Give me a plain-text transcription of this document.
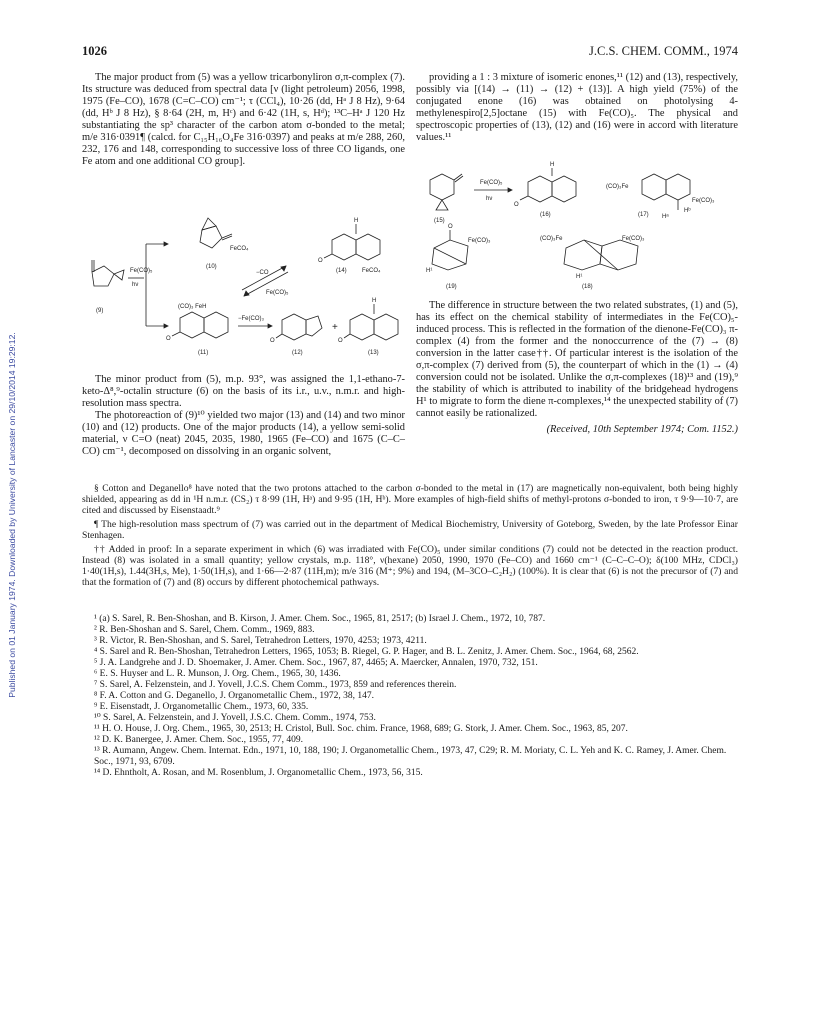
Published on 01 January 1974. Downloaded by University of Lancaster on 29/10/2014 19:29:12.
1026	J.C.S. CHEM. COMM., 1974

The major product from (5) was a yellow tricarbonyliron σ,π-complex (7). Its structure was deduced from spectral data [ν (light petroleum) 2056, 1998, 1975 (Fe–CO), 1678 (C=C–CO) cm⁻¹; τ (CCl₄), 10·26 (dd, Hᵃ J 8 Hz), 9·64 (dd, Hᵇ J 8 Hz), § 8·64 (2H, m, Hᶜ) and 6·42 (1H, s, Hᵈ); ¹³C–Hᵃ J 120 Hz substantiating the sp³ character of the carbon atom σ-bonded to the metal; m/e 316·0391¶ (calcd. for C₁₅H₁₆O₄Fe 316·0397) and peaks at m/e 288, 260, 232, 176 and 148, corresponding to successive loss of three CO ligands, one Fe atom and one additional CO group].

The minor product from (5), m.p. 93°, was assigned the 1,1-ethano-7-keto-Δ⁸,⁹-octalin structure (6) on the basis of its i.r., u.v., n.m.r. and high-resolution mass spectra.

The photoreaction of (9)¹⁰ yielded two major (13) and (14) and two minor (10) and (12) products. One of the major products (14), a yellow semi-solid material, ν C=O (neat) 2045, 2035, 1980, 1965 (Fe–CO) and 1675 (C–C–CO) cm⁻¹, decomposed on dissolving in an organic solvent,

providing a 1 : 3 mixture of isomeric enones,¹¹ (12) and (13), respectively, possibly via [(14) → (11) → (12) + (13)]. A high yield (75%) of the conjugated enone (16) was obtained on photolysing 4-methylenespiro[2,5]octane (15) with Fe(CO)₅. The physical and spectroscopic properties of (13), (12) and (16) were in accord with literature values.¹¹

The difference in structure between the two related substrates, (1) and (5), has its effect on the chemical stability of intermediates in the Fe(CO)₅-induced process. This is reflected in the formation of the dienone-Fe(CO)₃ π-complex (4) from the former and the nonoccurrence of the (7) → (8) conversion in the latter case††. Of particular interest is the isolation of the σ,π-complex (7) derived from (5), the counterpart of which in the (1) → (4) conversion could not be isolated. Unlike the σ,π-complexes (18)¹³ and (19),⁹ the stability of which is attributed to inability of the bridgehead hydrogens H¹ to migrate to form the diene π-complexes,¹⁴ the unexpected stability of (7) cannot easily be rationalized.

(Received, 10th September 1974; Com. 1152.)

(9)
Fe(CO)₅
hν
FeCO₄
(10)
−CO
Fe(CO)₅
H
O
(14)	FeCO₄
(CO)₃ FeH
O
(11)
−Fe(CO)₃
O
(12)
+
H
O
(13)
(15)
Fe(CO)₅
hν
H
O
(16)
(CO)₃Fe
Fe(CO)₃
Hᵃ
Hᵇ
(17)
O
Fe(CO)₃
H¹
(19)
(CO)₃Fe	Fe(CO)₃
H¹
(18)

§ Cotton and Deganello⁸ have noted that the two protons attached to the carbon σ-bonded to the metal in (17) are magnetically non-equivalent, both being highly shielded, appearing as dd in ¹H n.m.r. (CS₂) τ 8·99 (1H, Hᵃ) and 9·95 (1H, Hᵇ). More examples of high-field shifts of methyl-protons σ-bonded to iron, τ 9·9—10·7, are cited and discussed by Eisenstaadt.⁹

¶ The high-resolution mass spectrum of (7) was carried out in the department of Medical Biochemistry, University of Goteborg, Sweden, by the late Professor Einar Stenhagen.

†† Added in proof: In a separate experiment in which (6) was irradiated with Fe(CO)₅ under similar conditions (7) could not be detected in the reaction product. Instead (8) was isolated in a small quantity; yellow crystals, m.p. 118°, ν(hexane) 2050, 1990, 1970 (Fe–CO) and 1660 cm⁻¹ (C–C–C–O); δ(100 MHz, CDCl₃) 1·40(1H,s), 1.44(3H,s, Me), 1·50(1H,s), and 1·66—2·87 (11H,m); m/e 316 (M⁺; 9%) and 194, (M–3CO–C₂H₂) (100%). It is clear that (6) is not the precursor of (7) and that the formation of (7) and (8) occurs by different photochemical pathways.

¹ (a) S. Sarel, R. Ben-Shoshan, and B. Kirson, J. Amer. Chem. Soc., 1965, 81, 2517; (b) Israel J. Chem., 1972, 10, 787.

² R. Ben-Shoshan and S. Sarel, Chem. Comm., 1969, 883.

³ R. Victor, R. Ben-Shoshan, and S. Sarel, Tetrahedron Letters, 1970, 4253; 1973, 4211.

⁴ S. Sarel and R. Ben-Shoshan, Tetrahedron Letters, 1965, 1053; B. Riegel, G. P. Hager, and B. L. Zenitz, J. Amer. Chem. Soc., 1964, 68, 2562.

⁵ J. A. Landgrehe and J. D. Shoemaker, J. Amer. Chem. Soc., 1967, 87, 4465; A. Maercker, Annalen, 1970, 732, 151.

⁶ E. S. Huyser and L. R. Munson, J. Org. Chem., 1965, 30, 1436.

⁷ S. Sarel, A. Felzenstein, and J. Yovell, J.C.S. Chem Comm., 1973, 859 and references therein.

⁸ F. A. Cotton and G. Deganello, J. Organometallic Chem., 1972, 38, 147.

⁹ E. Eisenstadt, J. Organometallic Chem., 1973, 60, 335.

¹⁰ S. Sarel, A. Felzenstein, and J. Yovell, J.S.C. Chem. Comm., 1974, 753.

¹¹ H. O. House, J. Org. Chem., 1965, 30, 2513; H. Cristol, Bull. Soc. chim. France, 1968, 689; G. Stork, J. Amer. Chem. Soc., 1963, 85, 207.

¹² D. K. Banergee, J. Amer. Chem. Soc., 1955, 77, 409.

¹³ R. Aumann, Angew. Chem. Internat. Edn., 1971, 10, 188, 190; J. Organometallic Chem., 1973, 47, C29; R. M. Moriaty, C. L. Yeh and K. C. Ramey, J. Amer. Chem. Soc., 1971, 93, 6709.

¹⁴ D. Ehntholt, A. Rosan, and M. Rosenblum, J. Organometallic Chem., 1973, 56, 315.
